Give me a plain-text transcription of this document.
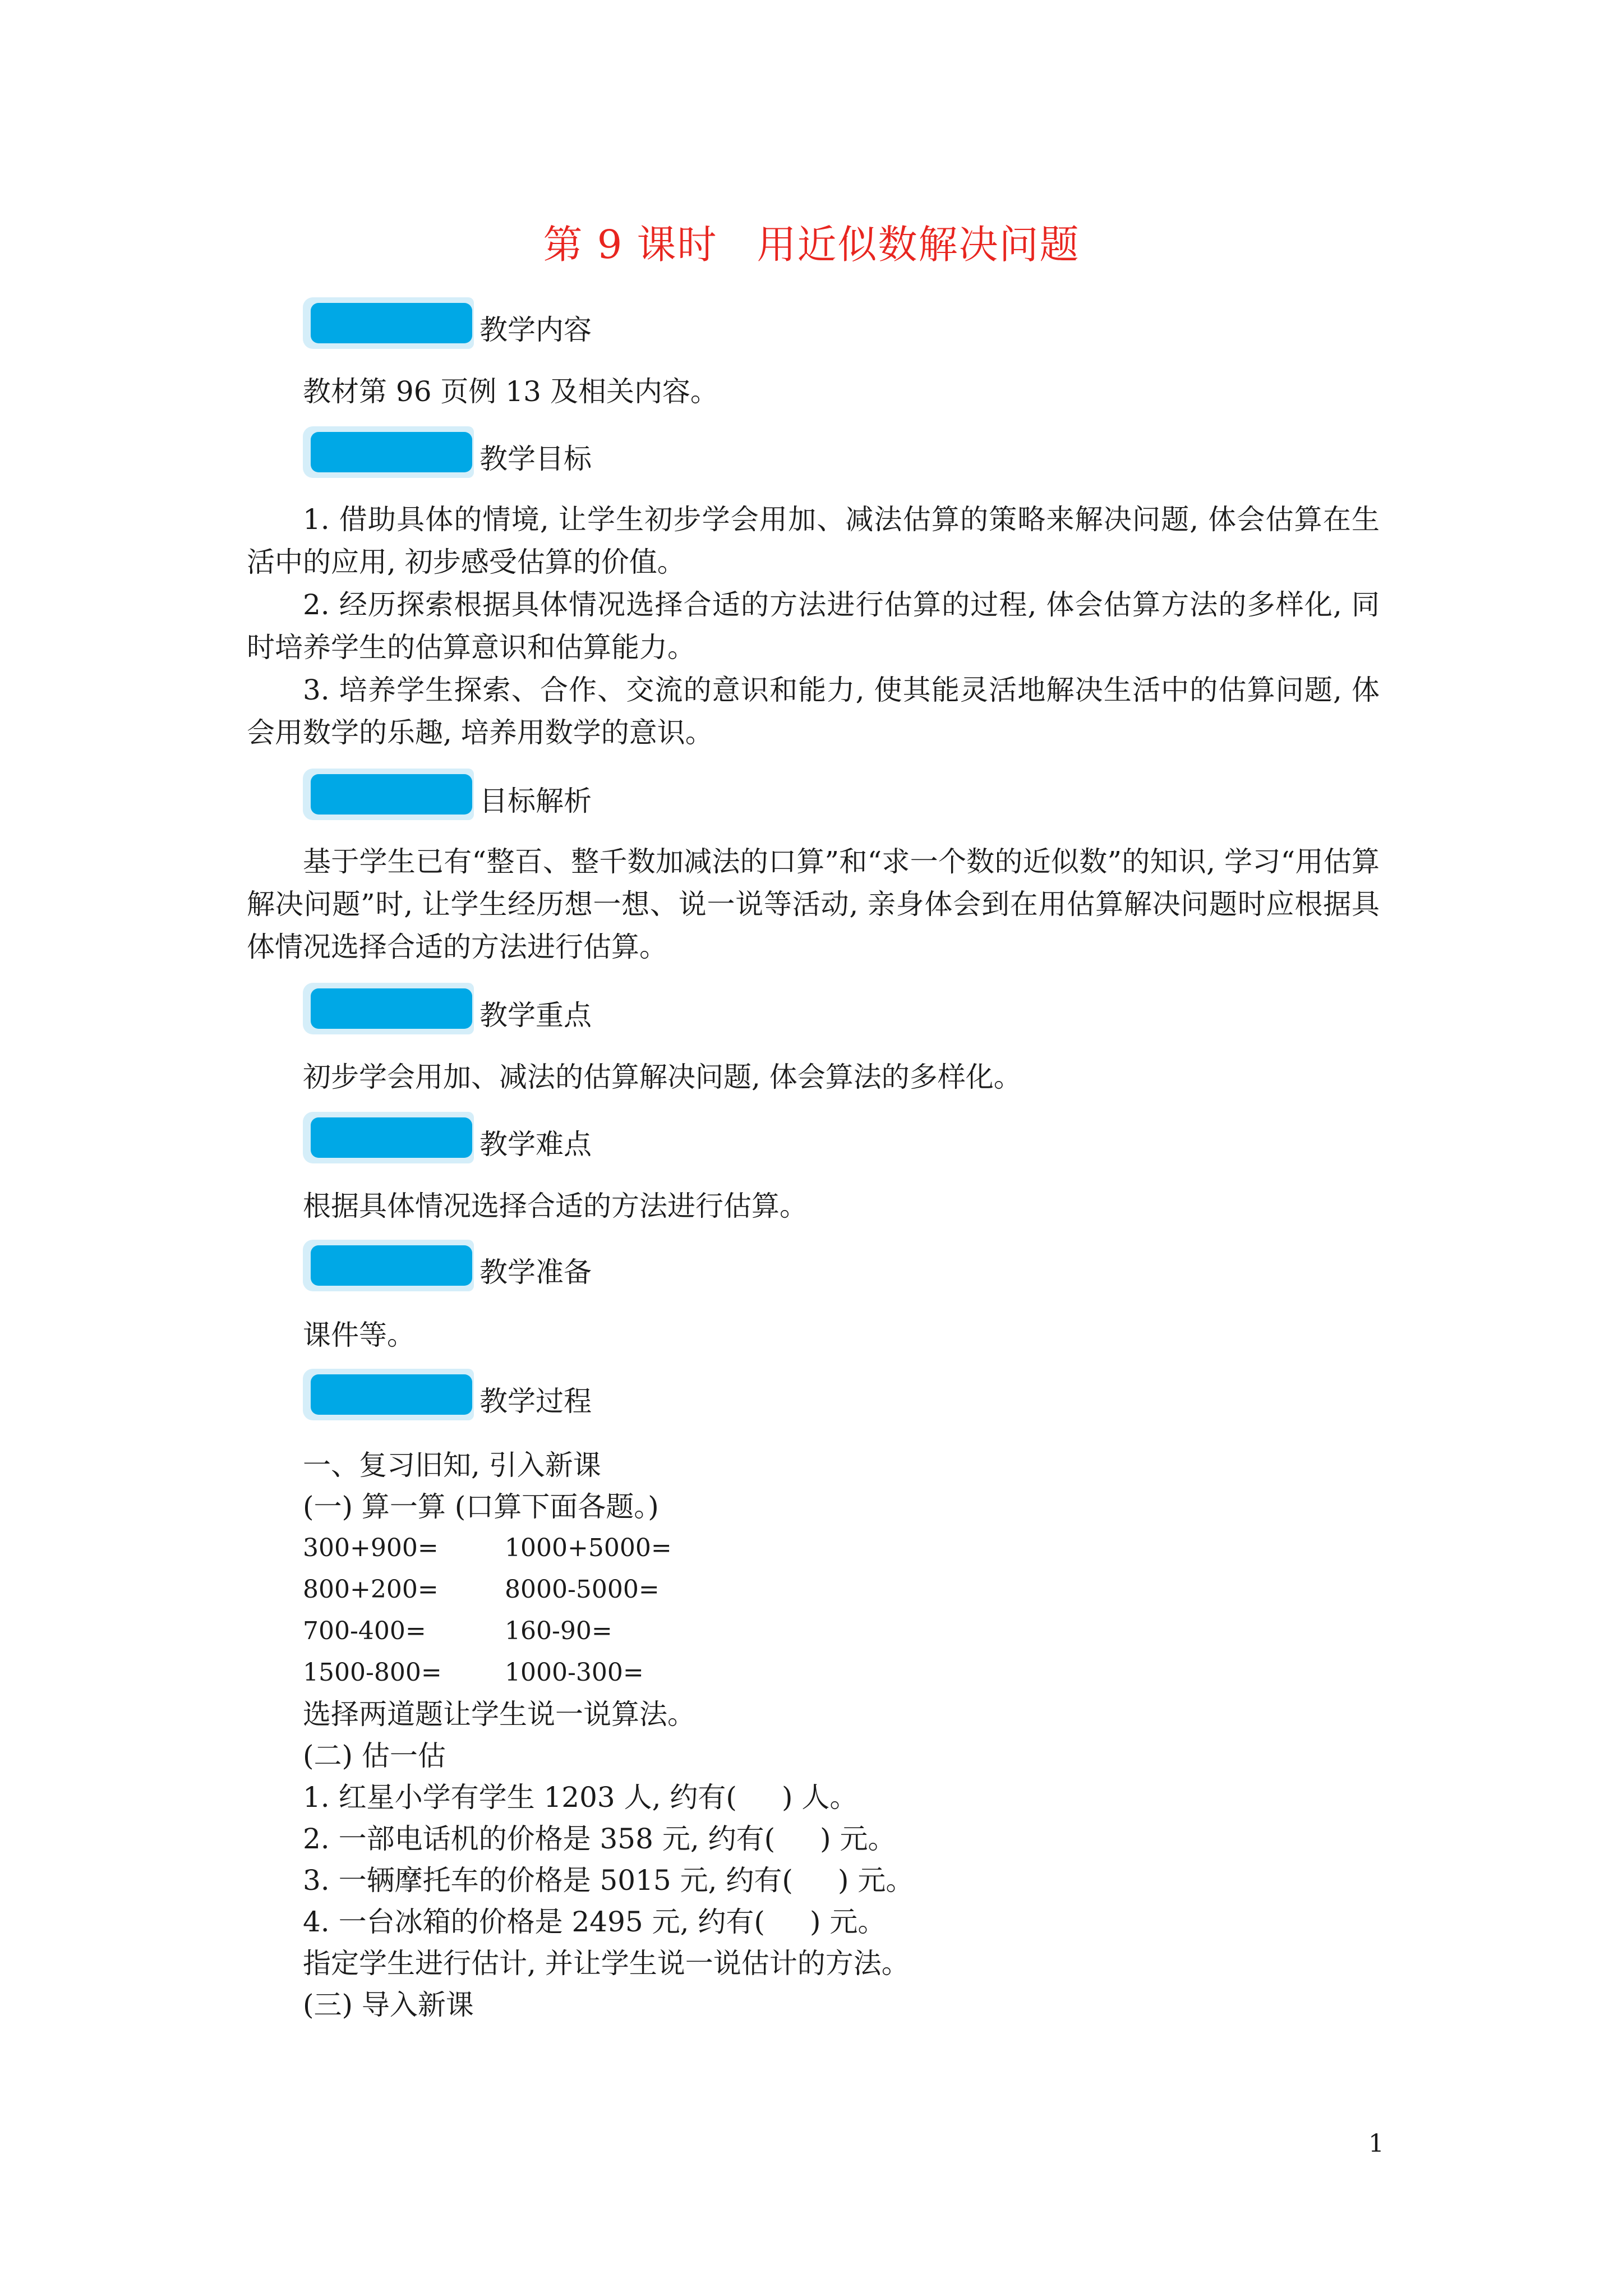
第 9 课时 用近似数解决问题
教学内容
教材第 96 页例 13 及相关内容。
教学目标
1. 借助具体的情境, 让学生初步学会用加、减法估算的策略来解决问题, 体会估算在生活中的应用, 初步感受估算的价值。
2. 经历探索根据具体情况选择合适的方法进行估算的过程, 体会估算方法的多样化, 同时培养学生的估算意识和估算能力。
3. 培养学生探索、合作、交流的意识和能力, 使其能灵活地解决生活中的估算问题, 体会用数学的乐趣, 培养用数学的意识。
目标解析
基于学生已有“整百、整千数加减法的口算”和“求一个数的近似数”的知识, 学习“用估算解决问题”时, 让学生经历想一想、说一说等活动, 亲身体会到在用估算解决问题时应根据具体情况选择合适的方法进行估算。
教学重点
初步学会用加、减法的估算解决问题, 体会算法的多样化。
教学难点
根据具体情况选择合适的方法进行估算。
教学准备
课件等。
教学过程
一、复习旧知, 引入新课
(一) 算一算 (口算下面各题。)
300+900=	1000+5000=
800+200=	8000-5000=
700-400=	160-90=
1500-800=	1000-300=
选择两道题让学生说一说算法。
(二) 估一估
1. 红星小学有学生 1203 人, 约有( ) 人。
2. 一部电话机的价格是 358 元, 约有( ) 元。
3. 一辆摩托车的价格是 5015 元, 约有( ) 元。
4. 一台冰箱的价格是 2495 元, 约有( ) 元。
指定学生进行估计, 并让学生说一说估计的方法。
(三) 导入新课
1
